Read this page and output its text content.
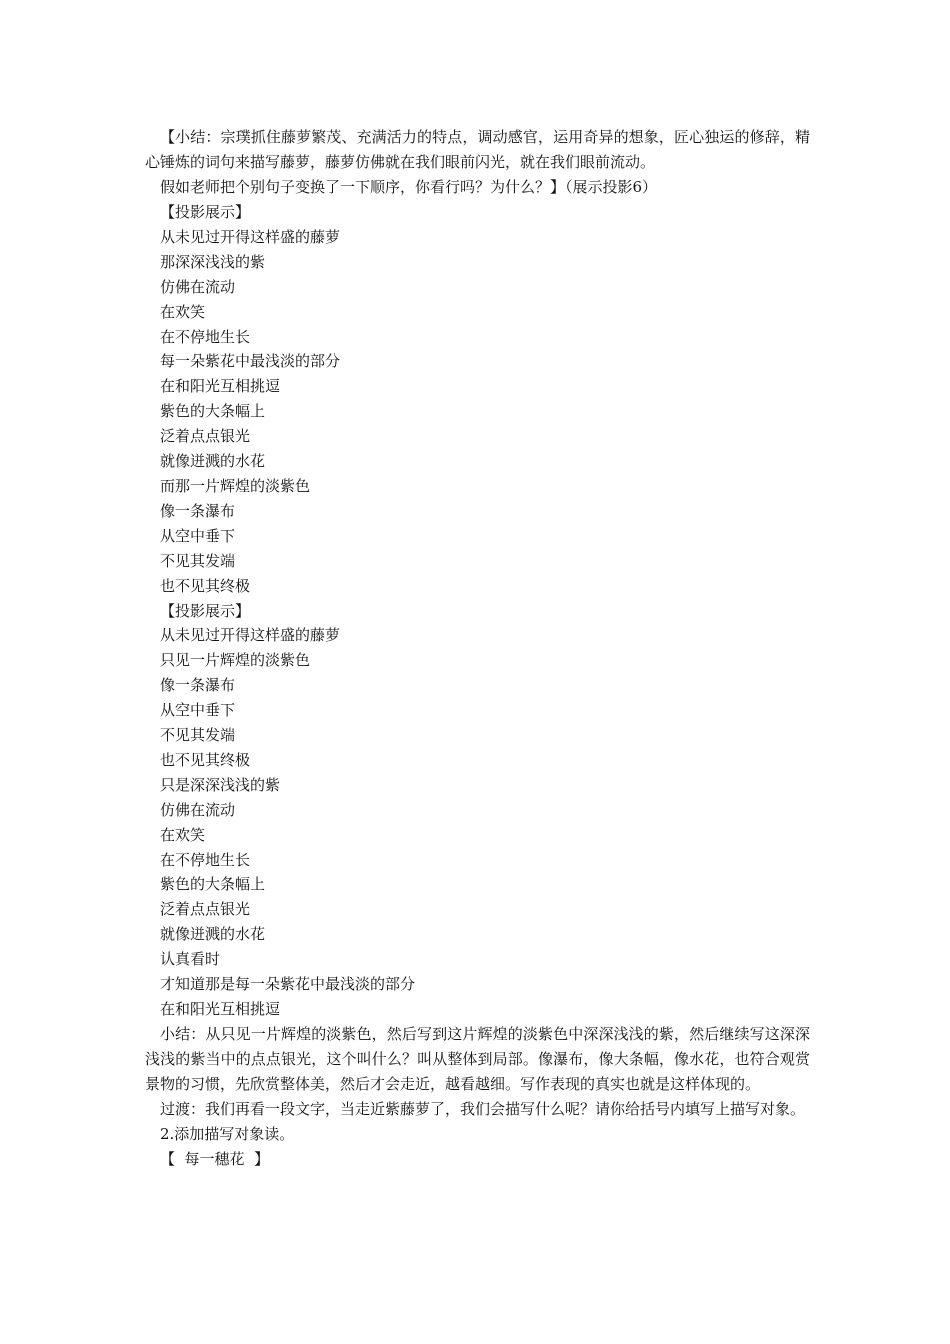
【小结：宗璞抓住藤萝繁茂、充满活力的特点，调动感官，运用奇异的想象，匠心独运的修辞，精心锤炼的词句来描写藤萝，藤萝仿佛就在我们眼前闪光，就在我们眼前流动。

假如老师把个别句子变换了一下顺序，你看行吗？为什么？】（展示投影6）

【投影展示】

从未见过开得这样盛的藤萝

那深深浅浅的紫

仿佛在流动

在欢笑

在不停地生长

每一朵紫花中最浅淡的部分

在和阳光互相挑逗

紫色的大条幅上

泛着点点银光

就像迸溅的水花

而那一片辉煌的淡紫色

像一条瀑布

从空中垂下

不见其发端

也不见其终极

【投影展示】

从未见过开得这样盛的藤萝

只见一片辉煌的淡紫色

像一条瀑布

从空中垂下

不见其发端

也不见其终极

只是深深浅浅的紫

仿佛在流动

在欢笑

在不停地生长

紫色的大条幅上

泛着点点银光

就像迸溅的水花

认真看时

才知道那是每一朵紫花中最浅淡的部分

在和阳光互相挑逗

小结：从只见一片辉煌的淡紫色，然后写到这片辉煌的淡紫色中深深浅浅的紫，然后继续写这深深浅浅的紫当中的点点银光，这个叫什么？叫从整体到局部。像瀑布，像大条幅，像水花，也符合观赏景物的习惯，先欣赏整体美，然后才会走近，越看越细。写作表现的真实也就是这样体现的。

过渡：我们再看一段文字，当走近紫藤萝了，我们会描写什么呢？请你给括号内填写上描写对象。

2.添加描写对象读。

【  每一穗花  】
